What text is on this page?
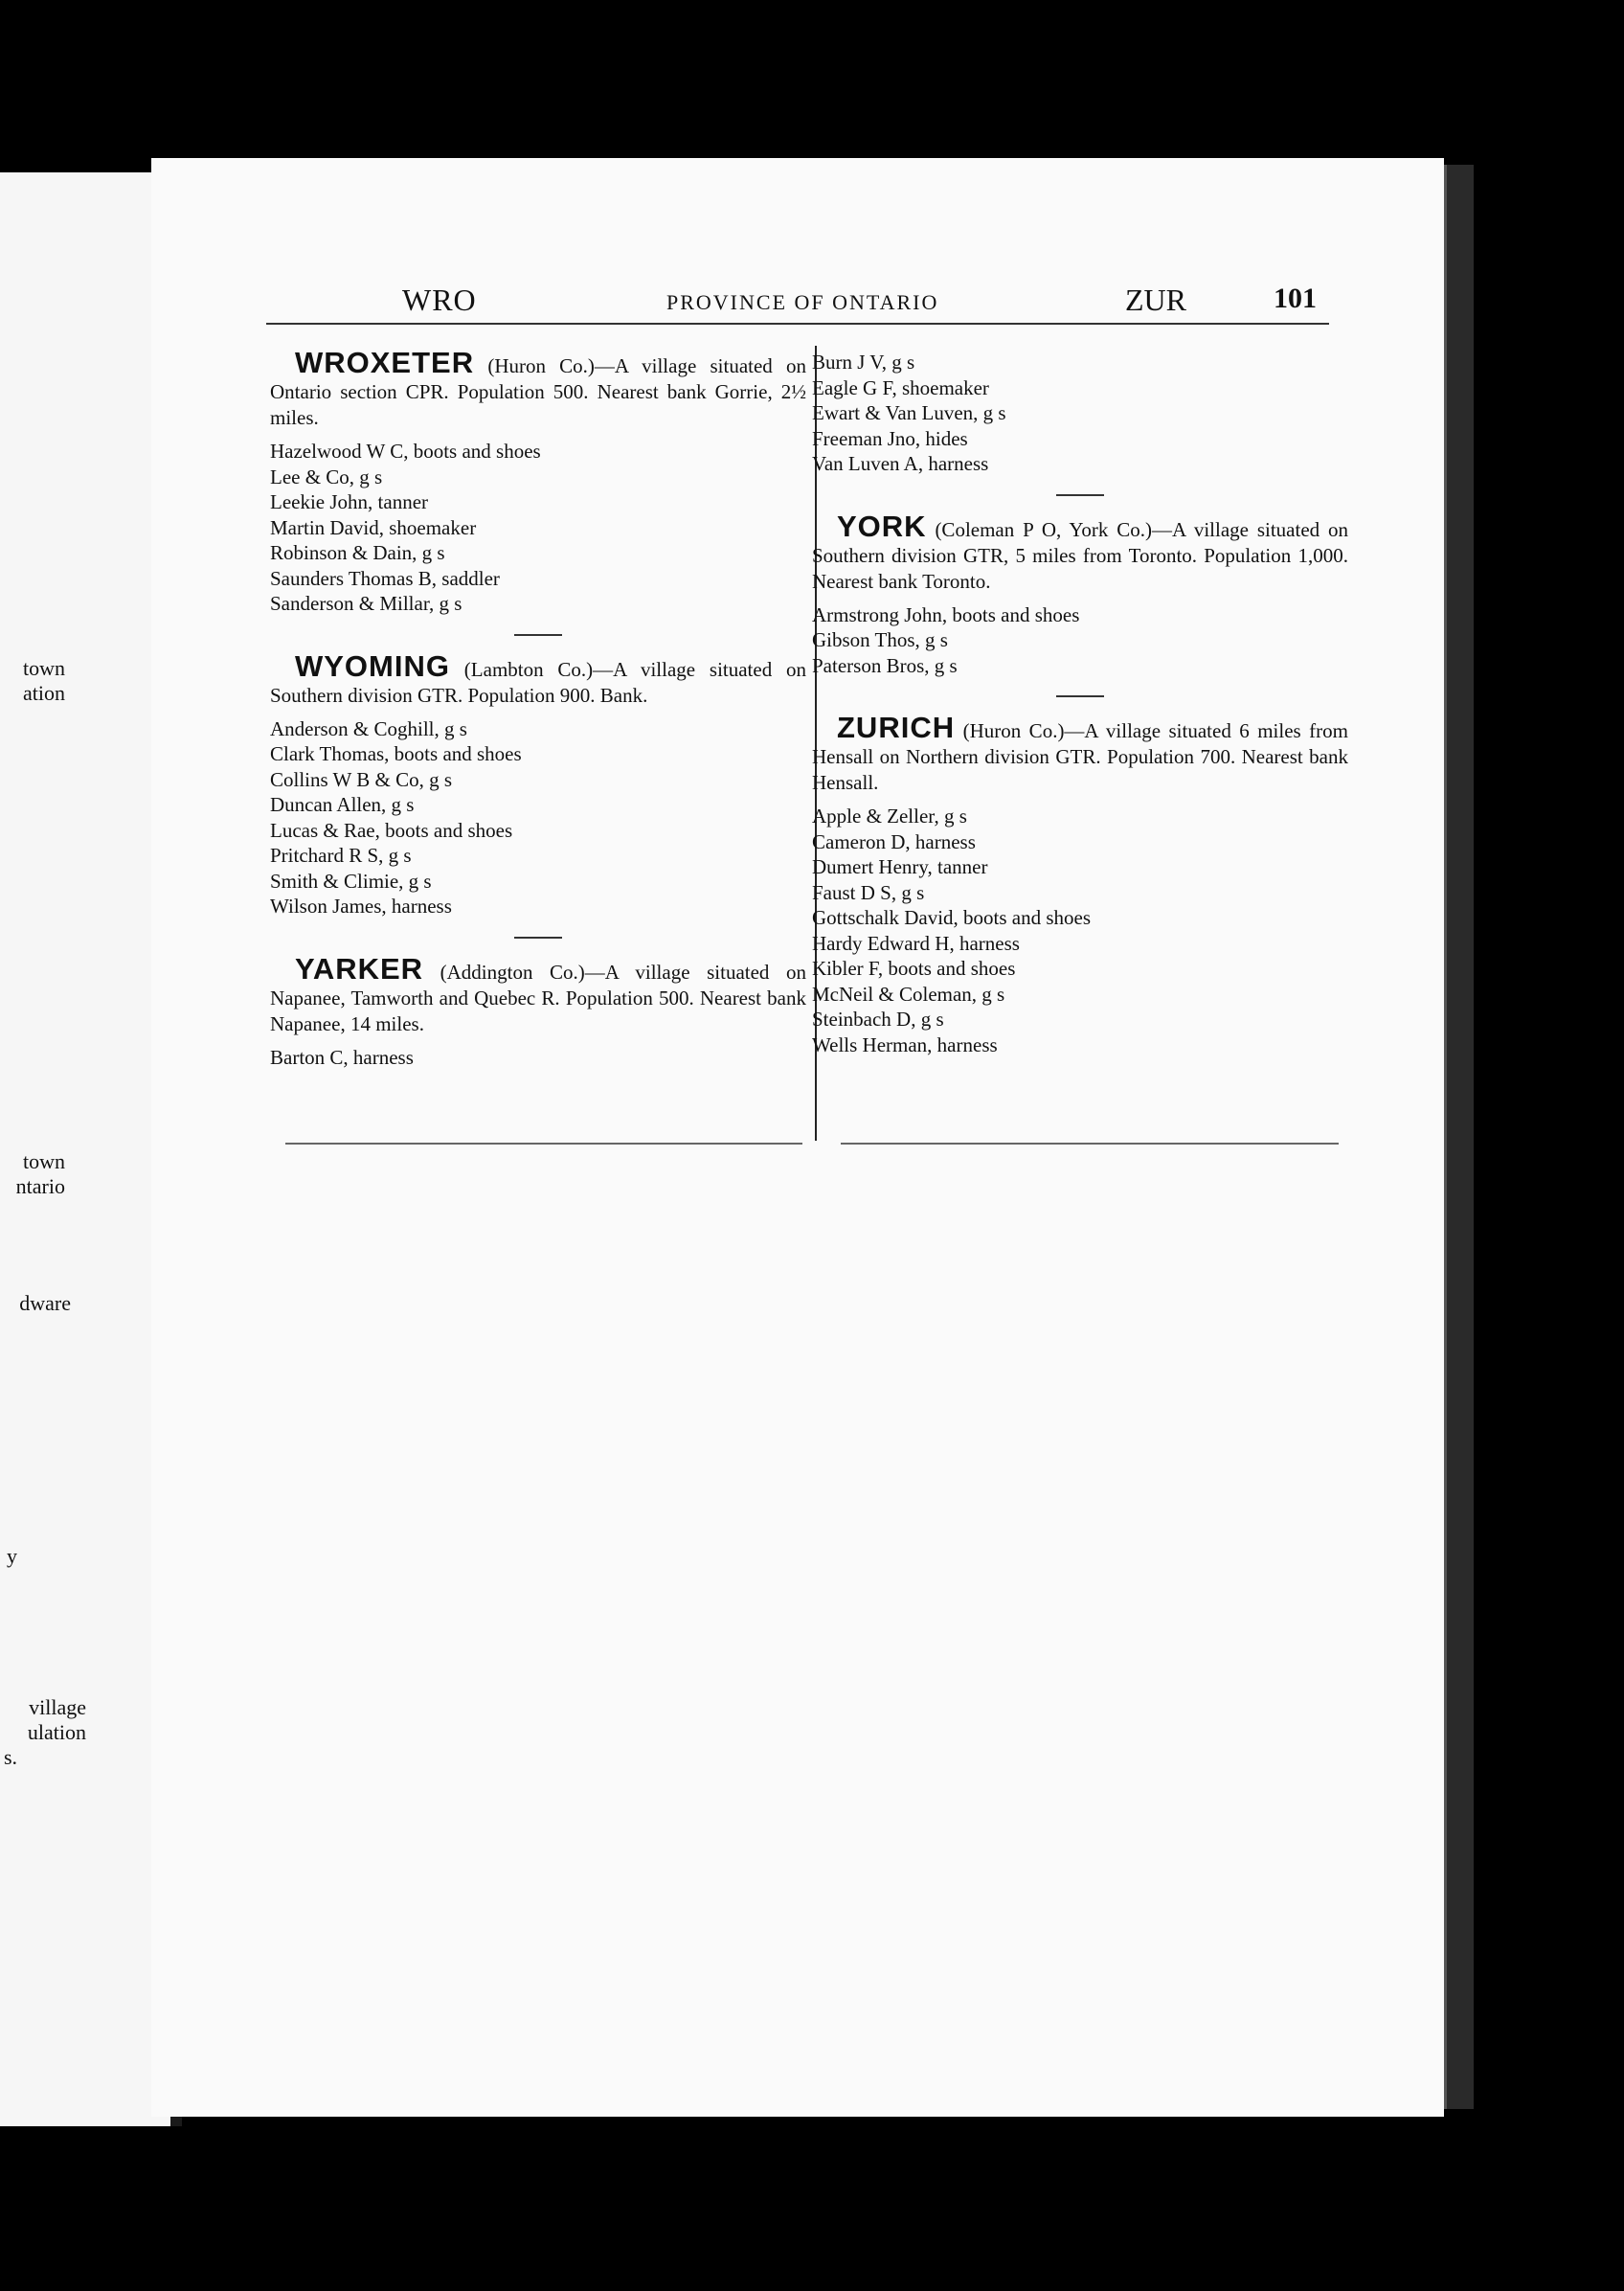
town
ation
town
ntario
dware
y
village
ulation
s.
WRO	PROVINCE OF ONTARIO	ZUR	101

WROXETER (Huron Co.)—A village situated on Ontario section CPR. Population 500. Nearest bank Gorrie, 2½ miles.

Hazelwood W C, boots and shoes
Lee & Co, g s
Leekie John, tanner
Martin David, shoemaker
Robinson & Dain, g s
Saunders Thomas B, saddler
Sanderson & Millar, g s

WYOMING (Lambton Co.)—A village situated on Southern division GTR. Population 900. Bank.

Anderson & Coghill, g s
Clark Thomas, boots and shoes
Collins W B & Co, g s
Duncan Allen, g s
Lucas & Rae, boots and shoes
Pritchard R S, g s
Smith & Climie, g s
Wilson James, harness

YARKER (Addington Co.)—A village situated on Napanee, Tamworth and Quebec R. Population 500. Nearest bank Napanee, 14 miles.

Barton C, harness
Burn J V, g s
Eagle G F, shoemaker
Ewart & Van Luven, g s
Freeman Jno, hides
Van Luven A, harness

YORK (Coleman P O, York Co.)—A village situated on Southern division GTR, 5 miles from Toronto. Population 1,000. Nearest bank Toronto.

Armstrong John, boots and shoes
Gibson Thos, g s
Paterson Bros, g s

ZURICH (Huron Co.)—A village situated 6 miles from Hensall on Northern division GTR. Population 700. Nearest bank Hensall.

Apple & Zeller, g s
Cameron D, harness
Dumert Henry, tanner
Faust D S, g s
Gottschalk David, boots and shoes
Hardy Edward H, harness
Kibler F, boots and shoes
McNeil & Coleman, g s
Steinbach D, g s
Wells Herman, harness
